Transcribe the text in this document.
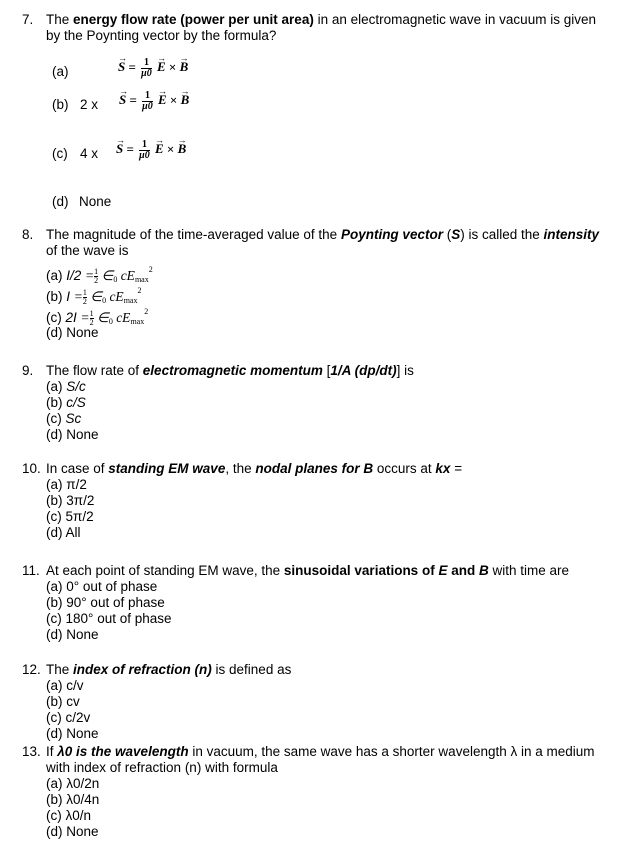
7. The energy flow rate (power per unit area) in an electromagnetic wave in vacuum is given by the Poynting vector by the formula?
(a)
→	$S = \frac{1}{\mu 0}$
→ E × → B
(b) 2 x
→ $S = \frac{1}{\mu 0}$
→ E × → B
(c) 4 x
→ $S = \frac{1}{\mu 0}$
→ E × → B
(d) None
8. The magnitude of the time-averaged value of the Poynting vector (S) is called the intensity of the wave is
(a) $I/2 = \frac{1}{2}$ ∈0 cEmax$^2$
(b) $I = \frac{1}{2}$ ∈0 cEmax$^2$
(c) $2I = \frac{1}{2}$ ∈0 cEmax$^2$
(d) None
9. The flow rate of electromagnetic momentum [1/A (dp/dt)] is
(a) S/c
(b) c/S
(c) Sc
(d) None
10. In case of standing EM wave, the nodal planes for B occurs at kx =
(a) π/2
(b) 3π/2
(c) 5π/2
(d) All
11. At each point of standing EM wave, the sinusoidal variations of E and B with time are
(a) 0° out of phase
(b) 90° out of phase
(c) 180° out of phase
(d) None
12. The index of refraction (n) is defined as
(a) c/v
(b) cv
(c) c/2v
(d) None
13. If λ0 is the wavelength in vacuum, the same wave has a shorter wavelength λ in a medium with index of refraction (n) with formula
(a) λ0/2n
(b) λ0/4n
(c) λ0/n
(d) None
